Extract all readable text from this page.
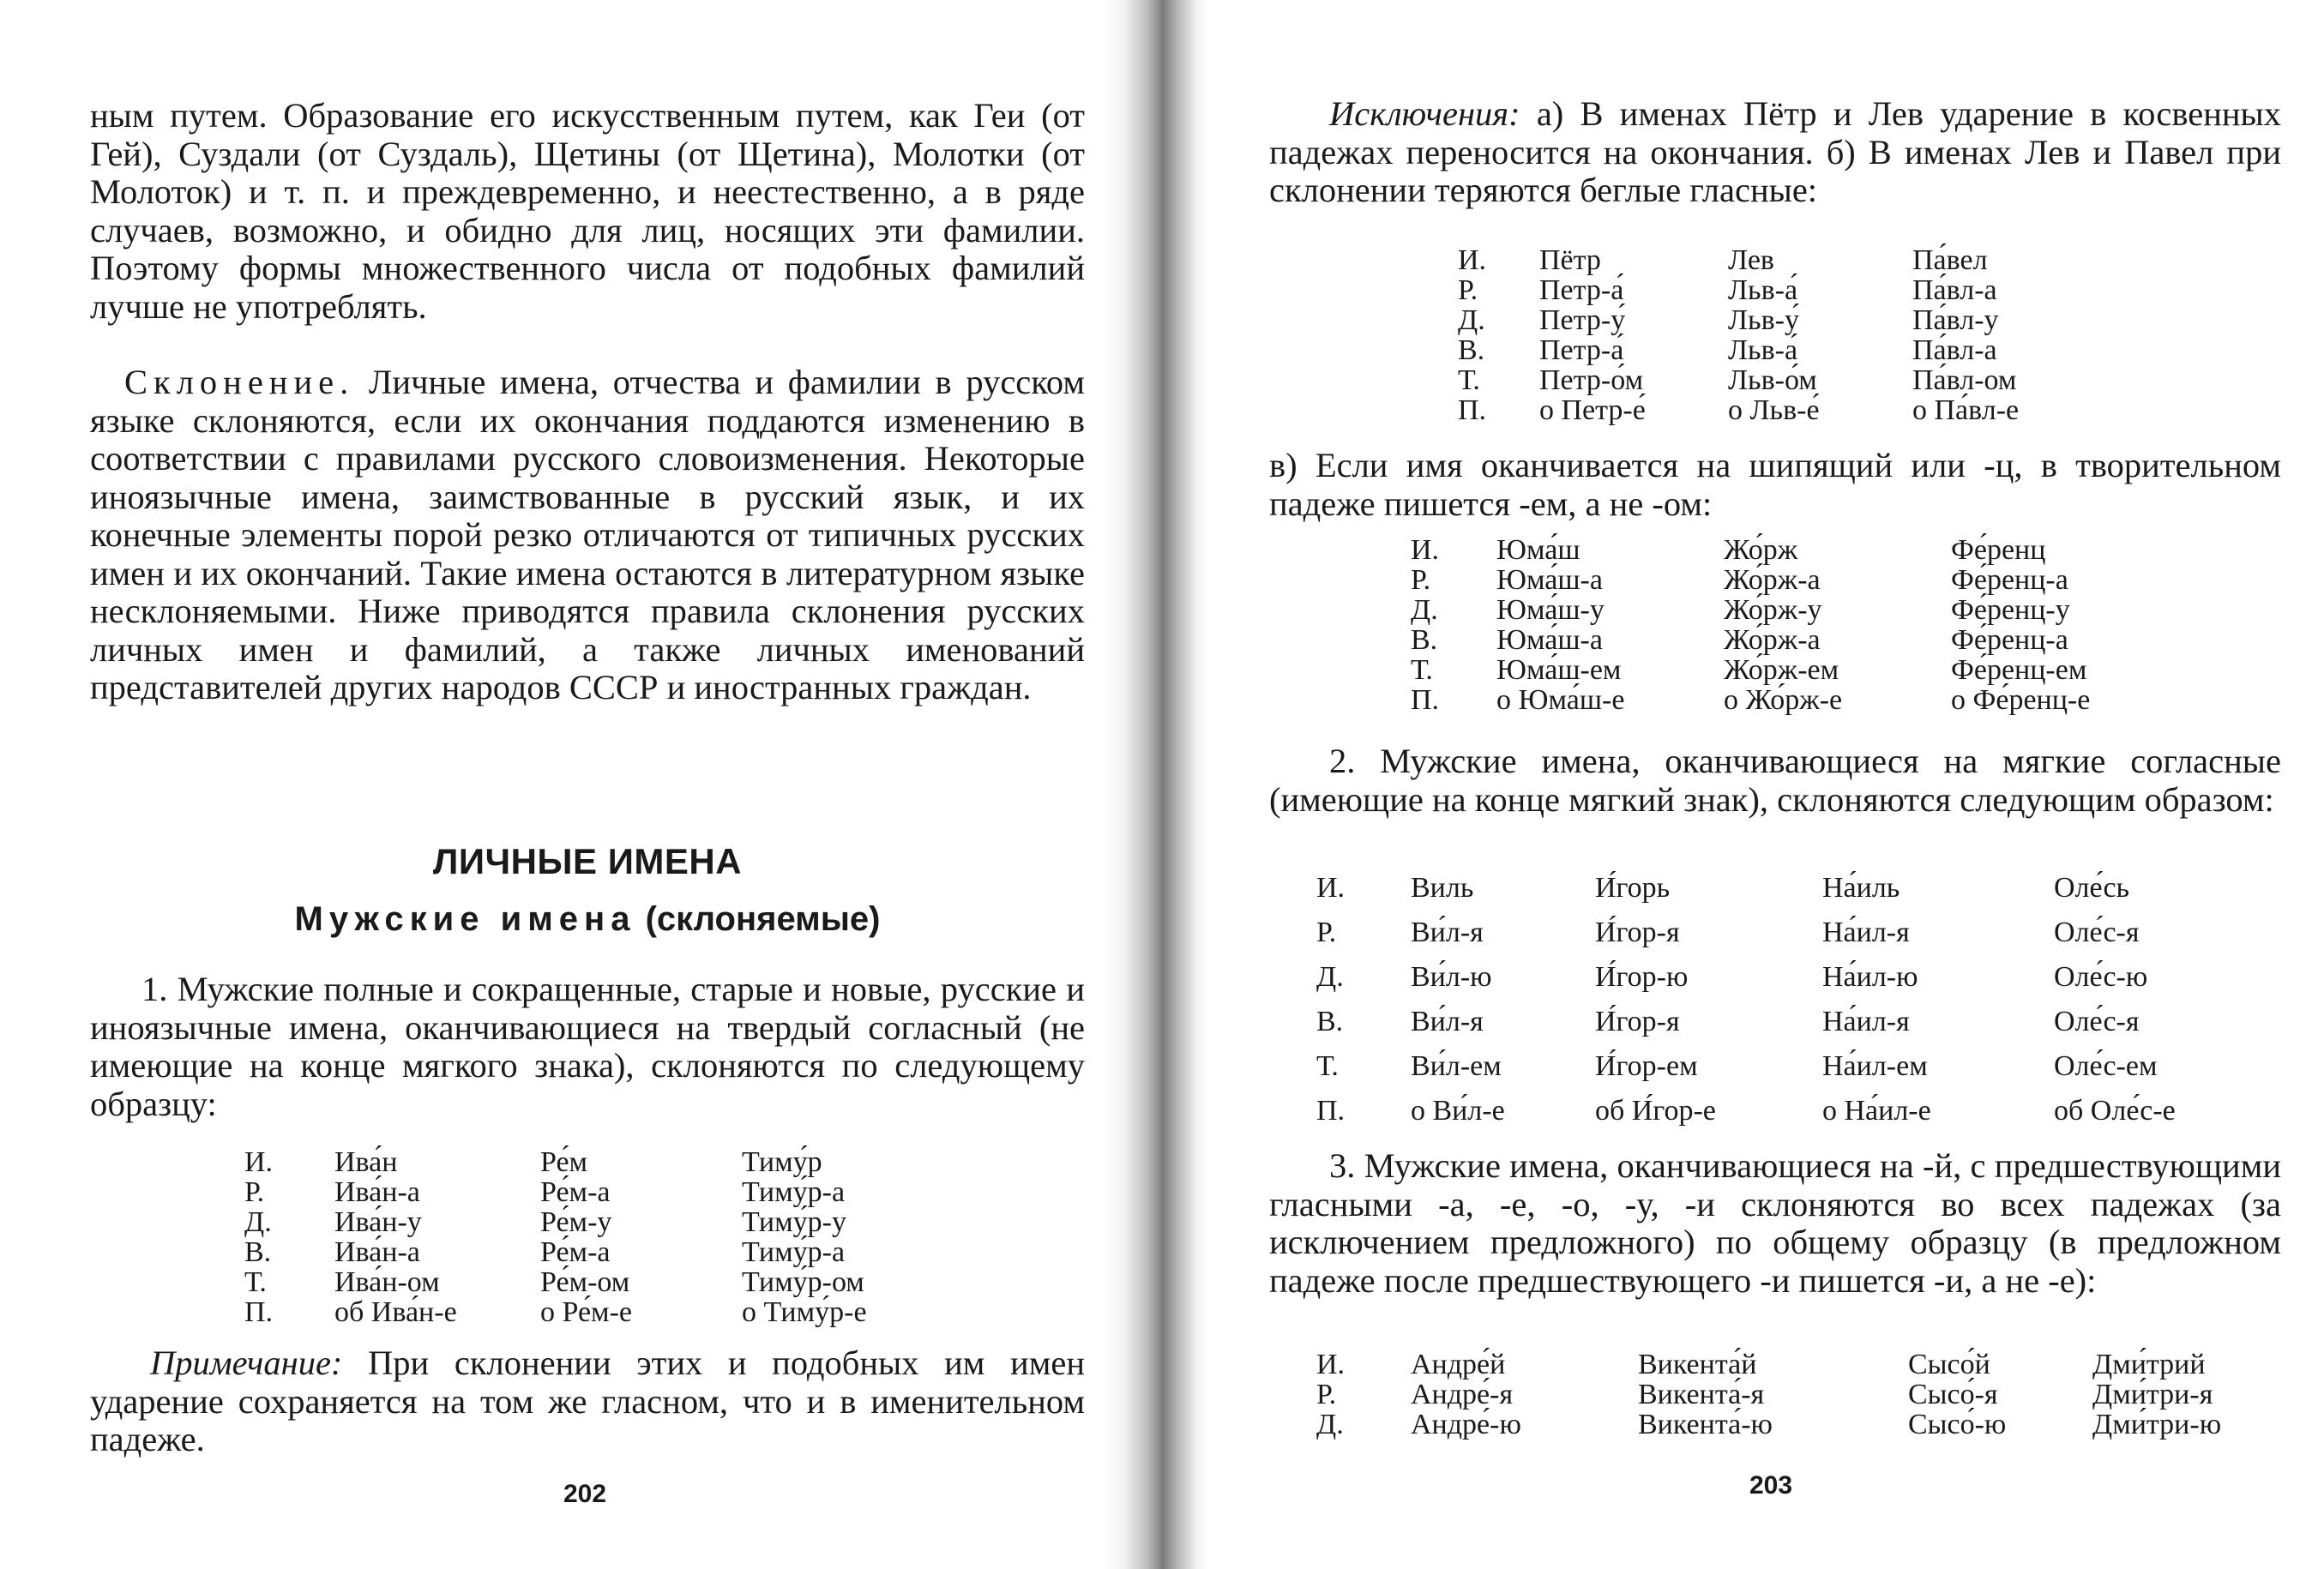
ным путем. Образование его искусственным путем, как Геи (от Гей), Суздали (от Суздаль), Щетины (от Щетина), Молотки (от Молоток) и т. п. и преждевременно, и неестественно, а в ряде случаев, возможно, и обидно для лиц, носящих эти фамилии. Поэтому формы множественного числа от подобных фамилий лучше не употреблять.

Склонение. Личные имена, отчества и фамилии в русском языке склоняются, если их окончания поддаются изменению в соответствии с правилами русского словоизменения. Некоторые иноязычные имена, заимствованные в русский язык, и их конечные элементы порой резко отличаются от типичных русских имен и их окончаний. Такие имена остаются в литературном языке несклоняемыми. Ниже приводятся правила склонения русских личных имен и фамилий, а также личных именований представителей других народов СССР и иностранных граждан.

ЛИЧНЫЕ ИМЕНА
Мужские имена (склоняемые)

1. Мужские полные и сокращенные, старые и новые, русские и иноязычные имена, оканчивающиеся на твердый согласный (не имеющие на конце мягкого знака), склоняются по следующему образцу:

И.	Ива́н	Ре́м	Тиму́р
Р.	Ива́н-а	Ре́м-а	Тиму́р-а
Д.	Ива́н-у	Ре́м-у	Тиму́р-у
В.	Ива́н-а	Ре́м-а	Тиму́р-а
Т.	Ива́н-ом	Ре́м-ом	Тиму́р-ом
П.	об Ива́н-е	о Ре́м-е	о Тиму́р-е

Примечание: При склонении этих и подобных им имен ударение сохраняется на том же гласном, что и в именительном падеже.

202

Исключения: а) В именах Пётр и Лев ударение в косвенных падежах переносится на окончания. б) В именах Лев и Павел при склонении теряются беглые гласные:

И.	Пётр	Лев	Па́вел
Р.	Петр-а́	Льв-а́	Па́вл-а
Д.	Петр-у́	Льв-у́	Па́вл-у
В.	Петр-а́	Льв-а́	Па́вл-а
Т.	Петр-о́м	Льв-о́м	Па́вл-ом
П.	о Петр-е́	о Льв-е́	о Па́вл-е

в) Если имя оканчивается на шипящий или -ц, в творительном падеже пишется -ем, а не -ом:

И.	Юма́ш	Жо́рж	Фе́ренц
Р.	Юма́ш-а	Жо́рж-а	Фе́ренц-а
Д.	Юма́ш-у	Жо́рж-у	Фе́ренц-у
В.	Юма́ш-а	Жо́рж-а	Фе́ренц-а
Т.	Юма́ш-ем	Жо́рж-ем	Фе́ренц-ем
П.	о Юма́ш-е	о Жо́рж-е	о Фе́ренц-е

2. Мужские имена, оканчивающиеся на мягкие согласные (имеющие на конце мягкий знак), склоняются следующим образом:

И.	Виль	И́горь	На́иль	Оле́сь
Р.	Ви́л-я	И́гор-я	На́ил-я	Оле́с-я
Д.	Ви́л-ю	И́гор-ю	На́ил-ю	Оле́с-ю
В.	Ви́л-я	И́гор-я	На́ил-я	Оле́с-я
Т.	Ви́л-ем	И́гор-ем	На́ил-ем	Оле́с-ем
П.	о Ви́л-е	об И́гор-е	о На́ил-е	об Оле́с-е

3. Мужские имена, оканчивающиеся на -й, с предшествующими гласными -а, -е, -о, -у, -и склоняются во всех падежах (за исключением предложного) по общему образцу (в предложном падеже после предшествующего -и пишется -и, а не -е):

И.	Андре́й	Викента́й	Сысо́й	Дми́трий
Р.	Андре́-я	Викента́-я	Сысо́-я	Дми́три-я
Д.	Андре́-ю	Викента́-ю	Сысо́-ю	Дми́три-ю

203
